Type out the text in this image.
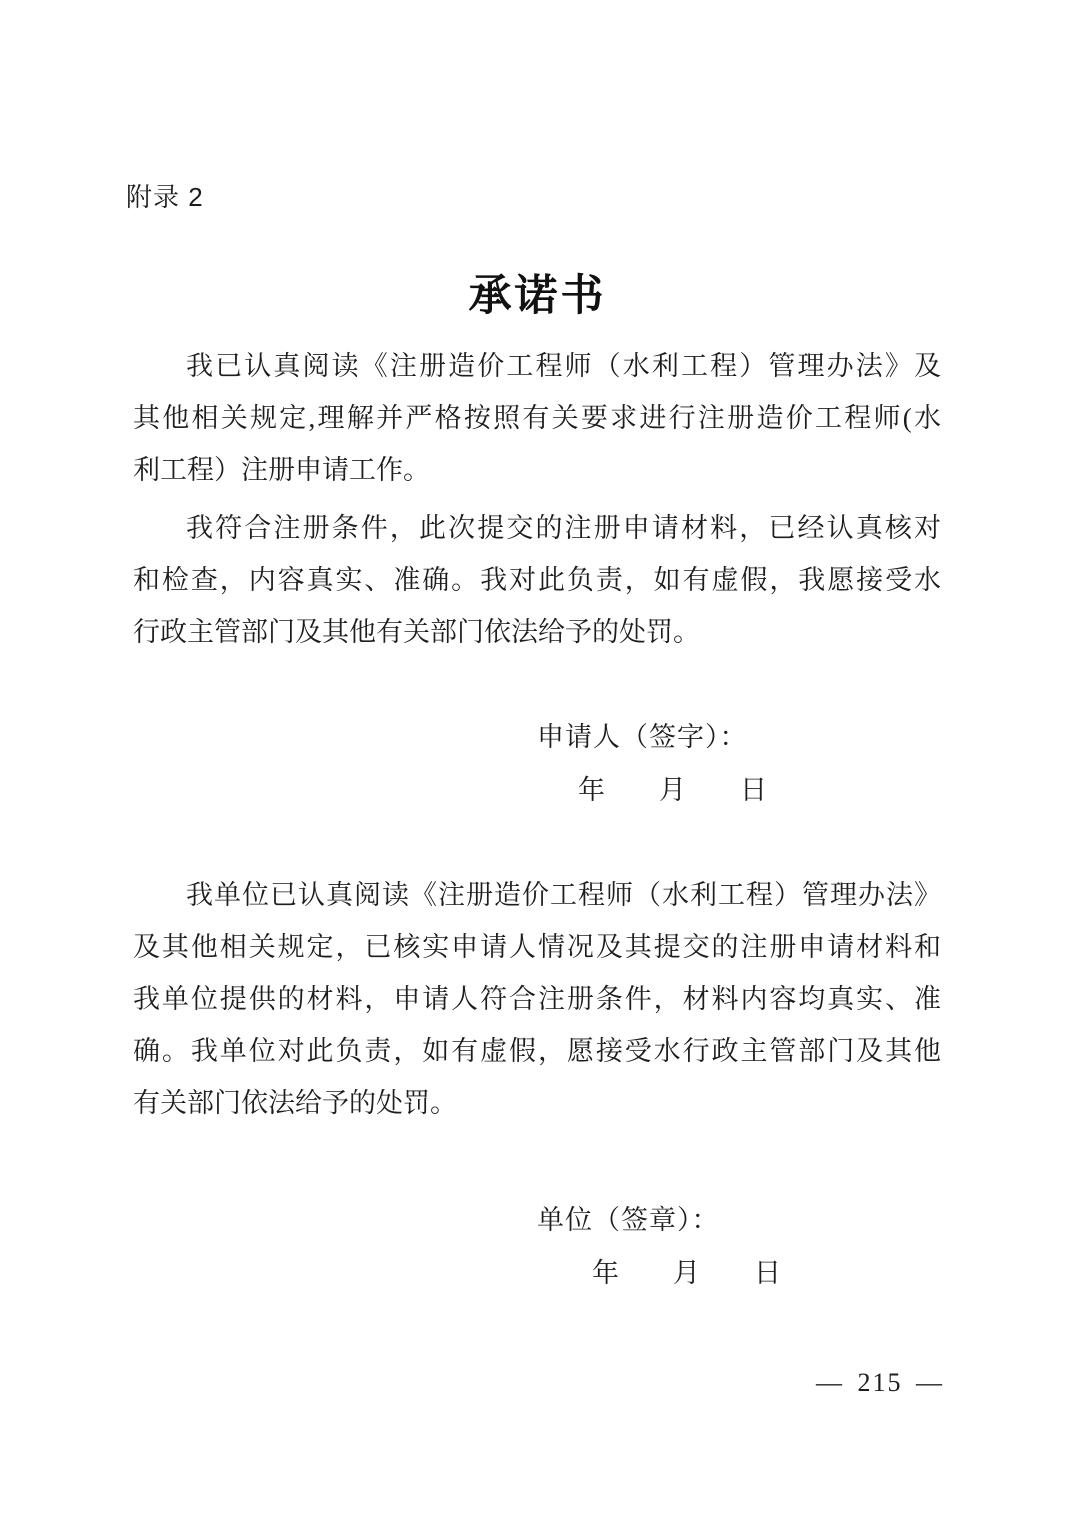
附录 2
承诺书
我已认真阅读《注册造价工程师（水利工程）管理办法》及
其他相关规定,理解并严格按照有关要求进行注册造价工程师(水
利工程）注册申请工作。
我符合注册条件，此次提交的注册申请材料，已经认真核对
和检查，内容真实、准确。我对此负责，如有虚假，我愿接受水
行政主管部门及其他有关部门依法给予的处罚。
申请人（签字）：
年　　月　　日
我单位已认真阅读《注册造价工程师（水利工程）管理办法》
及其他相关规定，已核实申请人情况及其提交的注册申请材料和
我单位提供的材料，申请人符合注册条件，材料内容均真实、准
确。我单位对此负责，如有虚假，愿接受水行政主管部门及其他
有关部门依法给予的处罚。
单位（签章）：
年　　月　　日
— 215 —
